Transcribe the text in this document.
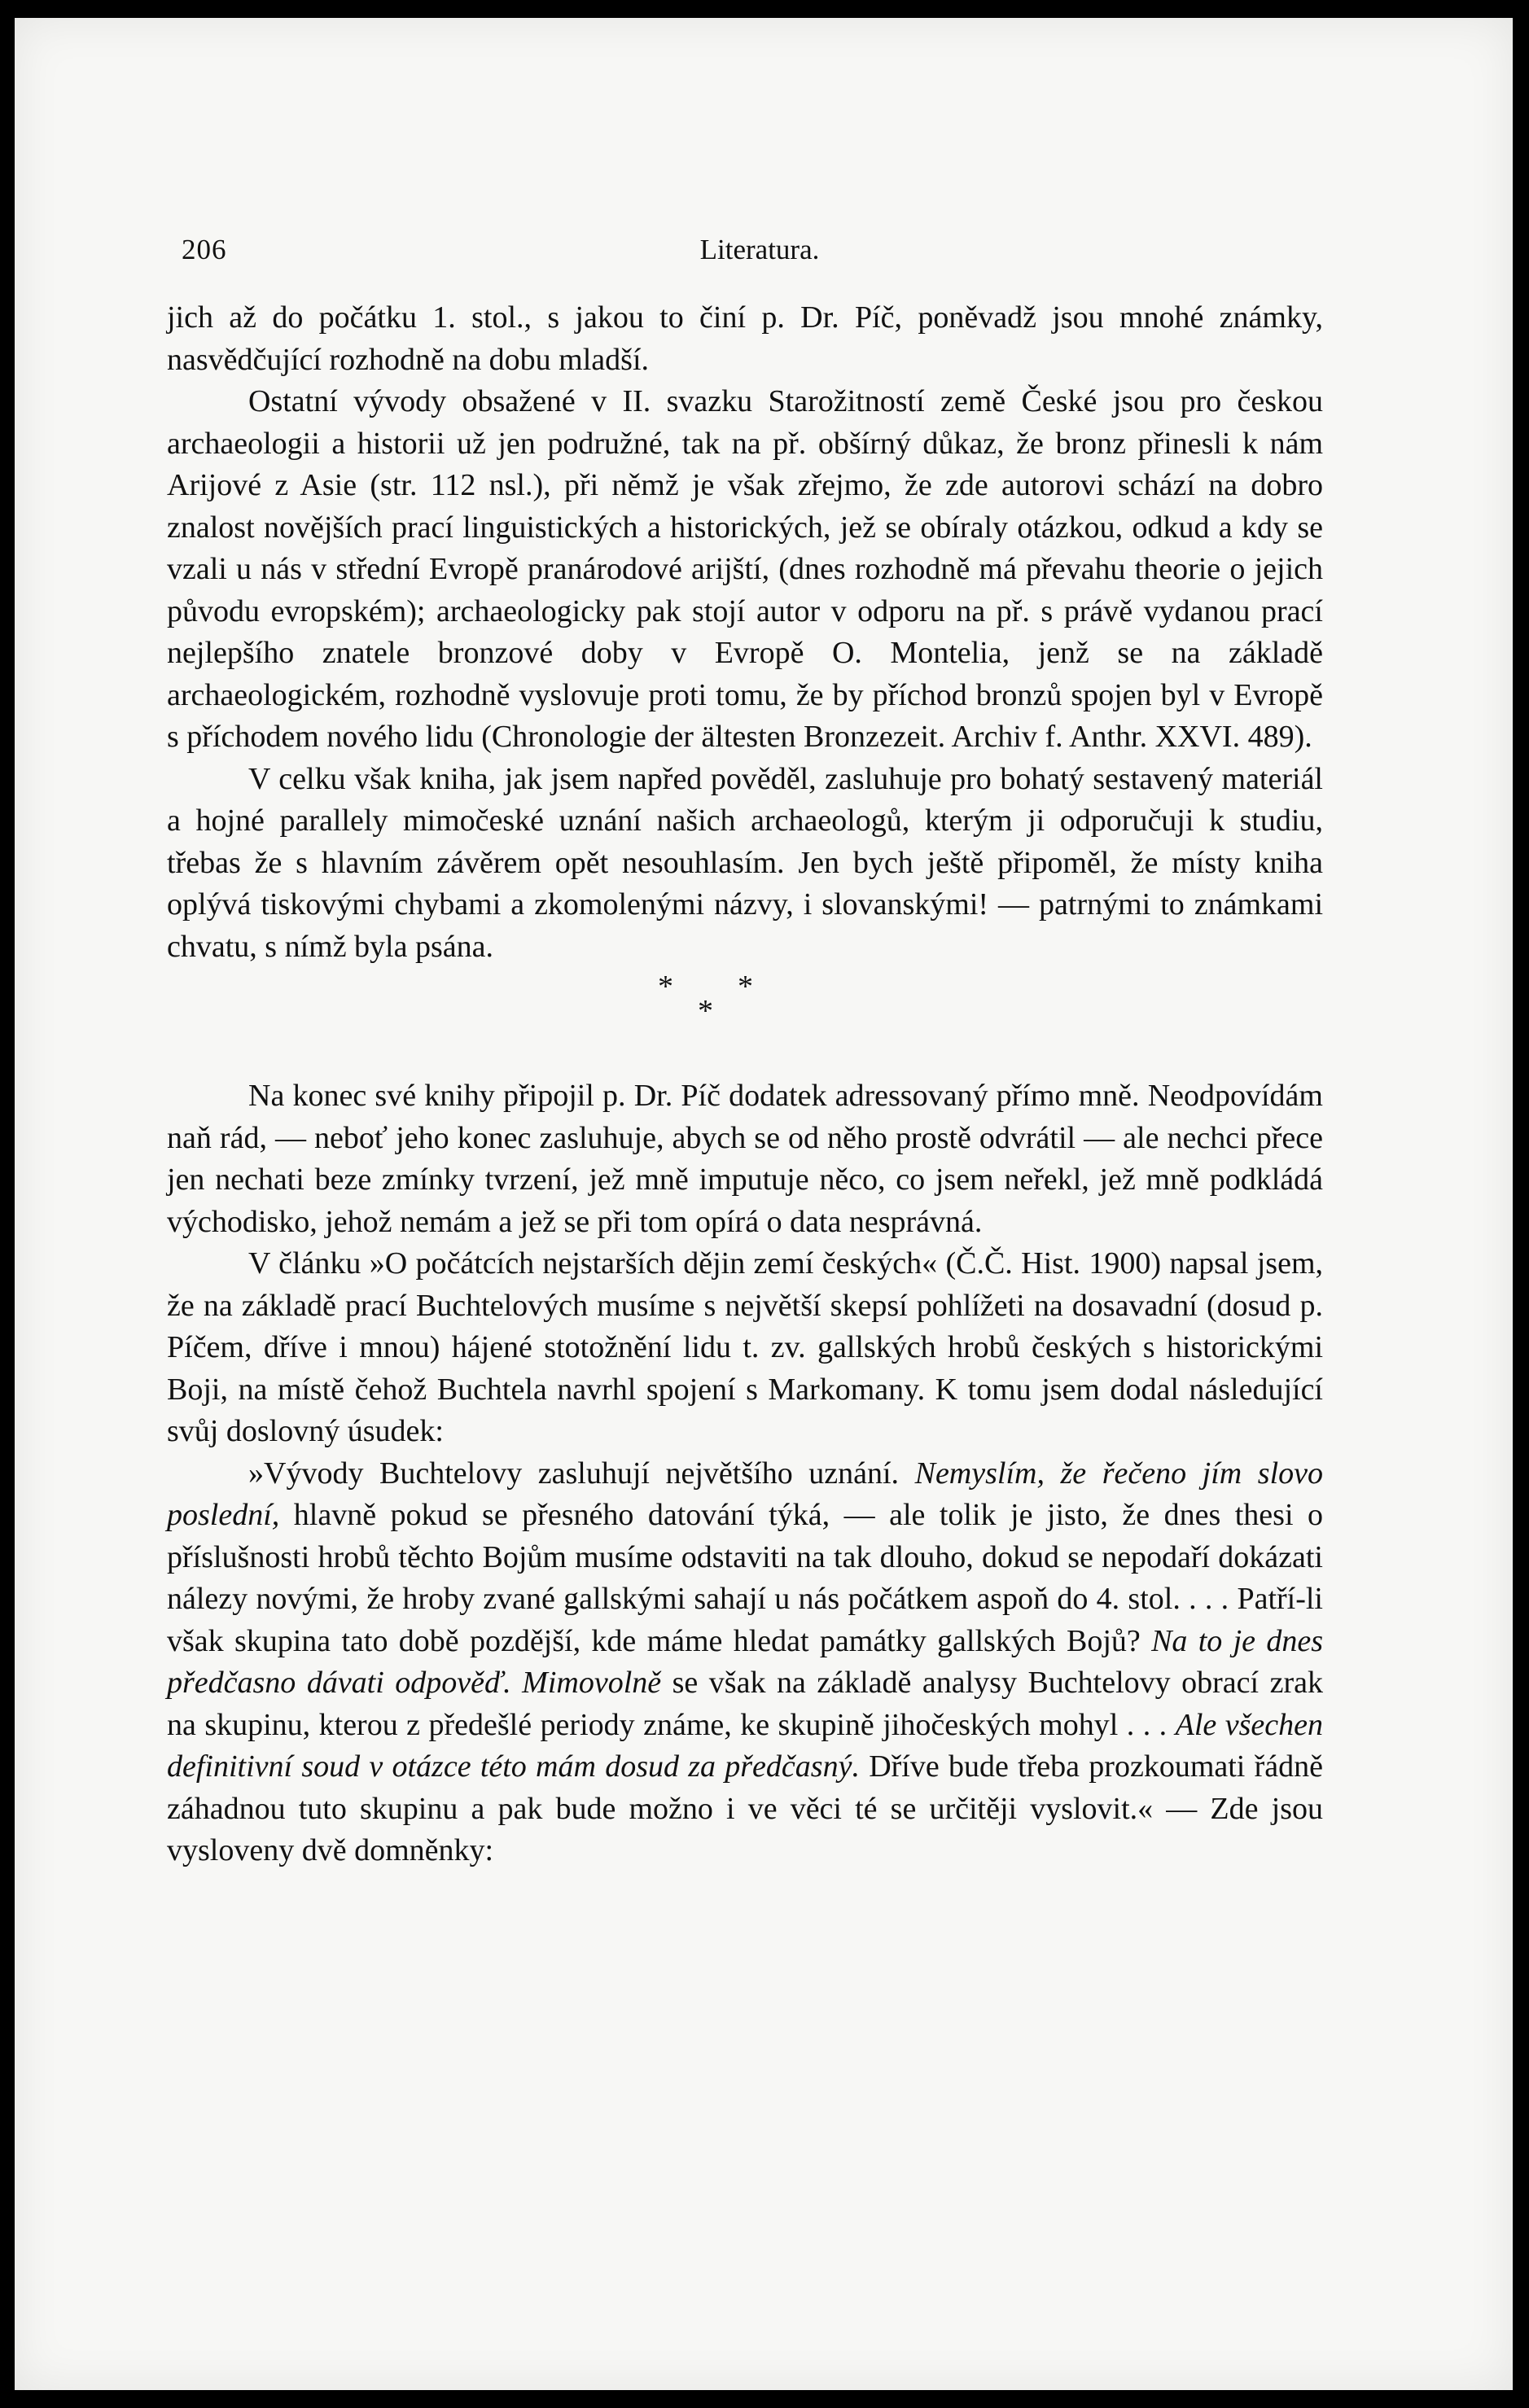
206	Literatura.

jich až do počátku 1. stol., s jakou to činí p. Dr. Píč, poněvadž jsou mnohé známky, nasvědčující rozhodně na dobu mladší.

Ostatní vývody obsažené v II. svazku Starožitností země České jsou pro českou archaeologii a historii už jen podružné, tak na př. obšírný důkaz, že bronz přinesli k nám Arijové z Asie (str. 112 nsl.), při němž je však zřejmo, že zde autorovi schází na dobro znalost novějších prací linguistických a historických, jež se obíraly otázkou, odkud a kdy se vzali u nás v střední Evropě pranárodové arijští, (dnes rozhodně má převahu theorie o jejich původu evropském); archaeologicky pak stojí autor v odporu na př. s právě vydanou prací nejlepšího znatele bronzové doby v Evropě O. Montelia, jenž se na základě archaeologickém, rozhodně vyslovuje proti tomu, že by příchod bronzů spojen byl v Evropě s příchodem nového lidu (Chronologie der ältesten Bronzezeit. Archiv f. Anthr. XXVI. 489).

V celku však kniha, jak jsem napřed pověděl, zasluhuje pro bohatý sestavený materiál a hojné parallely mimočeské uznání našich archaeologů, kterým ji odporučuji k studiu, třebas že s hlavním závěrem opět nesouhlasím. Jen bych ještě připoměl, že místy kniha oplývá tiskovými chybami a zkomolenými názvy, i slovanskými! — patrnými to známkami chvatu, s nímž byla psána.

* *
*

Na konec své knihy připojil p. Dr. Píč dodatek adressovaný přímo mně. Neodpovídám naň rád, — neboť jeho konec zasluhuje, abych se od něho prostě odvrátil — ale nechci přece jen nechati beze zmínky tvrzení, jež mně imputuje něco, co jsem neřekl, jež mně podkládá východisko, jehož nemám a jež se při tom opírá o data nesprávná.

V článku »O počátcích nejstarších dějin zemí českých« (Č.Č. Hist. 1900) napsal jsem, že na základě prací Buchtelových musíme s největší skepsí pohlížeti na dosavadní (dosud p. Píčem, dříve i mnou) hájené stotožnění lidu t. zv. gallských hrobů českých s historickými Boji, na místě čehož Buchtela navrhl spojení s Markomany. K tomu jsem dodal následující svůj doslovný úsudek:

»Vývody Buchtelovy zasluhují největšího uznání. Nemyslím, že řečeno jím slovo poslední, hlavně pokud se přesného datování týká, — ale tolik je jisto, že dnes thesi o příslušnosti hrobů těchto Bojům musíme odstaviti na tak dlouho, dokud se nepodaří dokázati nálezy novými, že hroby zvané gallskými sahají u nás počátkem aspoň do 4. stol. . . . Patří-li však skupina tato době pozdější, kde máme hledat památky gallských Bojů? Na to je dnes předčasno dávati odpověď. Mimovolně se však na základě analysy Buchtelovy obrací zrak na skupinu, kterou z předešlé periody známe, ke skupině jihočeských mohyl . . . Ale všechen definitivní soud v otázce této mám dosud za předčasný. Dříve bude třeba prozkoumati řádně záhadnou tuto skupinu a pak bude možno i ve věci té se určitěji vyslovit.« — Zde jsou vysloveny dvě domněnky:
